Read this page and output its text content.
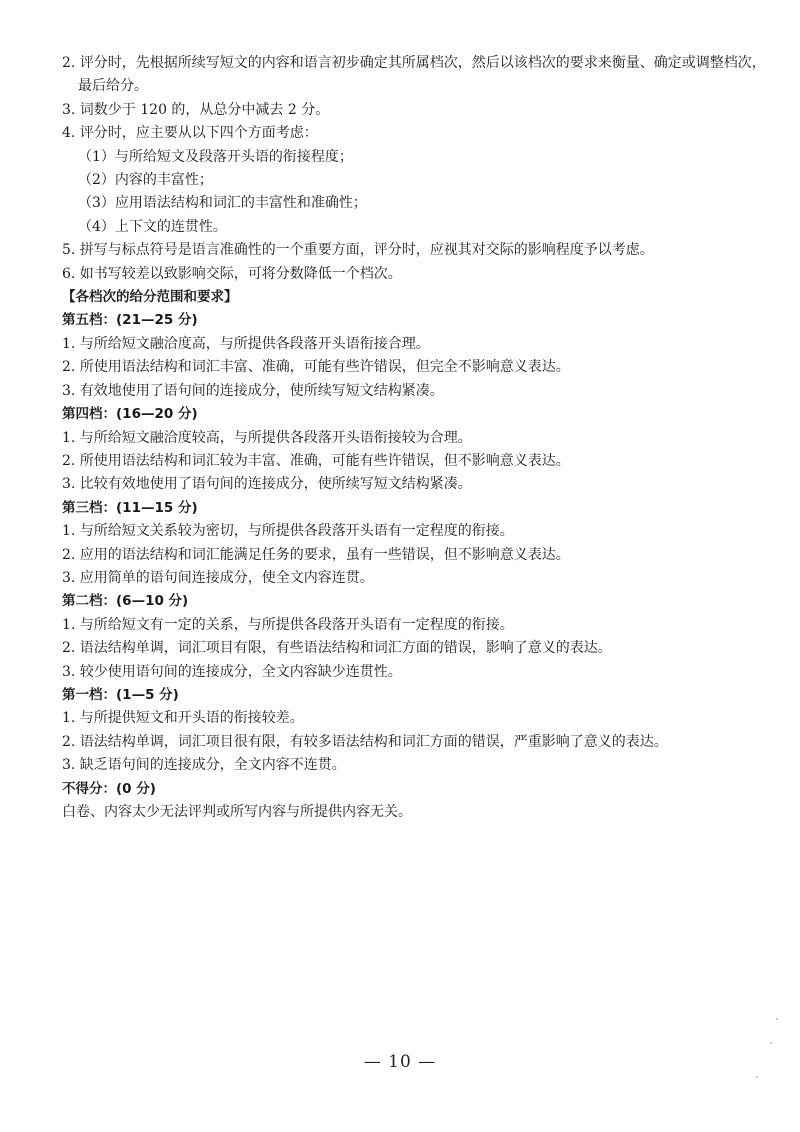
2. 评分时，先根据所续写短文的内容和语言初步确定其所属档次，然后以该档次的要求来衡量、确定或调整档次，

最后给分。

3. 词数少于 120 的，从总分中减去 2 分。

4. 评分时，应主要从以下四个方面考虑：

（1）与所给短文及段落开头语的衔接程度；

（2）内容的丰富性；

（3）应用语法结构和词汇的丰富性和准确性；

（4）上下文的连贯性。

5. 拼写与标点符号是语言准确性的一个重要方面，评分时，应视其对交际的影响程度予以考虑。

6. 如书写较差以致影响交际，可将分数降低一个档次。

【各档次的给分范围和要求】

第五档：(21—25 分)

1. 与所给短文融洽度高，与所提供各段落开头语衔接合理。

2. 所使用语法结构和词汇丰富、准确，可能有些许错误，但完全不影响意义表达。

3. 有效地使用了语句间的连接成分，使所续写短文结构紧凑。

第四档：(16—20 分)

1. 与所给短文融洽度较高，与所提供各段落开头语衔接较为合理。

2. 所使用语法结构和词汇较为丰富、准确，可能有些许错误，但不影响意义表达。

3. 比较有效地使用了语句间的连接成分，使所续写短文结构紧凑。

第三档：(11—15 分)

1. 与所给短文关系较为密切，与所提供各段落开头语有一定程度的衔接。

2. 应用的语法结构和词汇能满足任务的要求，虽有一些错误，但不影响意义表达。

3. 应用简单的语句间连接成分，使全文内容连贯。

第二档：(6—10 分)

1. 与所给短文有一定的关系，与所提供各段落开头语有一定程度的衔接。

2. 语法结构单调，词汇项目有限，有些语法结构和词汇方面的错误，影响了意义的表达。

3. 较少使用语句间的连接成分，全文内容缺少连贯性。

第一档：(1—5 分)

1. 与所提供短文和开头语的衔接较差。

2. 语法结构单调，词汇项目很有限，有较多语法结构和词汇方面的错误，严重影响了意义的表达。

3. 缺乏语句间的连接成分，全文内容不连贯。

不得分：(0 分)

白卷、内容太少无法评判或所写内容与所提供内容无关。

— 10 —
